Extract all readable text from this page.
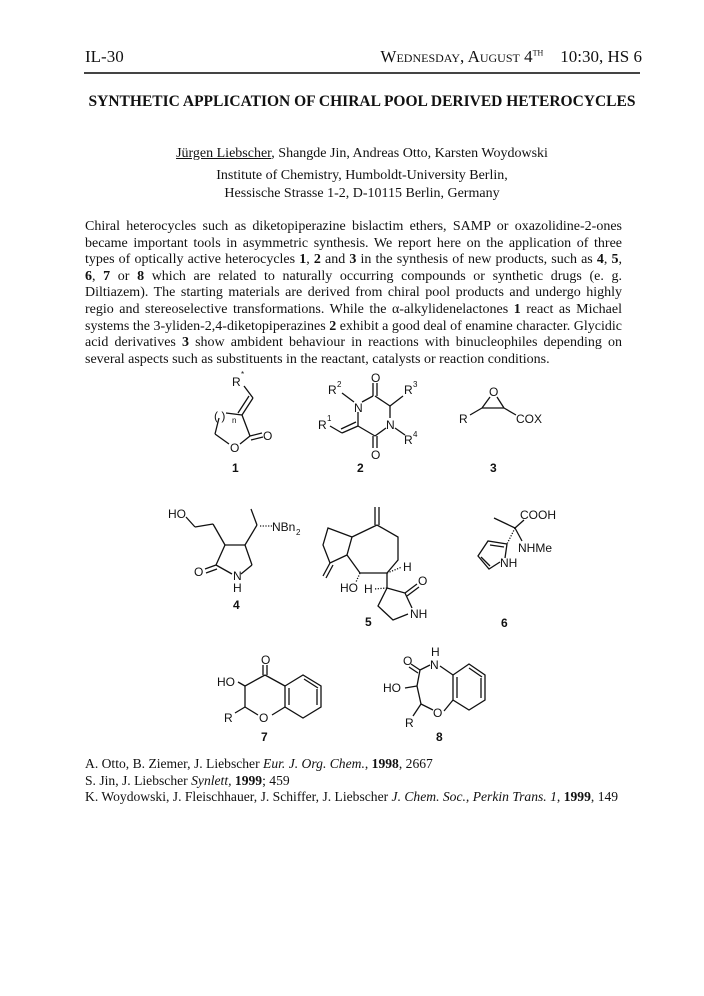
IL-30	Wednesday, August 4TH 10:30, HS 6
SYNTHETIC APPLICATION OF CHIRAL POOL DERIVED HETEROCYCLES
Jürgen Liebscher, Shangde Jin, Andreas Otto, Karsten Woydowski
Institute of Chemistry, Humboldt-University Berlin,
Hessische Strasse 1-2, D-10115 Berlin, Germany
Chiral heterocycles such as diketopiperazine bislactim ethers, SAMP or oxazolidine-2-ones became important tools in asymmetric synthesis. We report here on the application of three types of optically active heterocycles 1, 2 and 3 in the synthesis of new products, such as 4, 5, 6, 7 or 8 which are related to naturally occurring compounds or synthetic drugs (e. g. Diltiazem). The starting materials are derived from chiral pool products and undergo highly regio and stereoselective transformations. While the α-alkylidenelactones 1 react as Michael systems the 3-yliden-2,4-diketopiperazines 2 exhibit a good deal of enamine character. Glycidic acid derivatives 3 show ambident behaviour in reactions with binucleophiles depending on several aspects such as substituents in the reactant, catalysts or reaction conditions.
R
*
O
O
( ) n
1
R 2
N
O
R 3
N
R 4
O
R 1
2
O
R	COX
3
HO
N
H
O
NBn 2
4
HO
H
H
O
NH
5
COOH
NHMe
NH
6
O
HO
R O
7
O N
H
HO
R
O
8
A. Otto, B. Ziemer, J. Liebscher Eur. J. Org. Chem., 1998, 2667
S. Jin, J. Liebscher Synlett, 1999; 459
K. Woydowski, J. Fleischhauer, J. Schiffer, J. Liebscher J. Chem. Soc., Perkin Trans. 1, 1999, 149
